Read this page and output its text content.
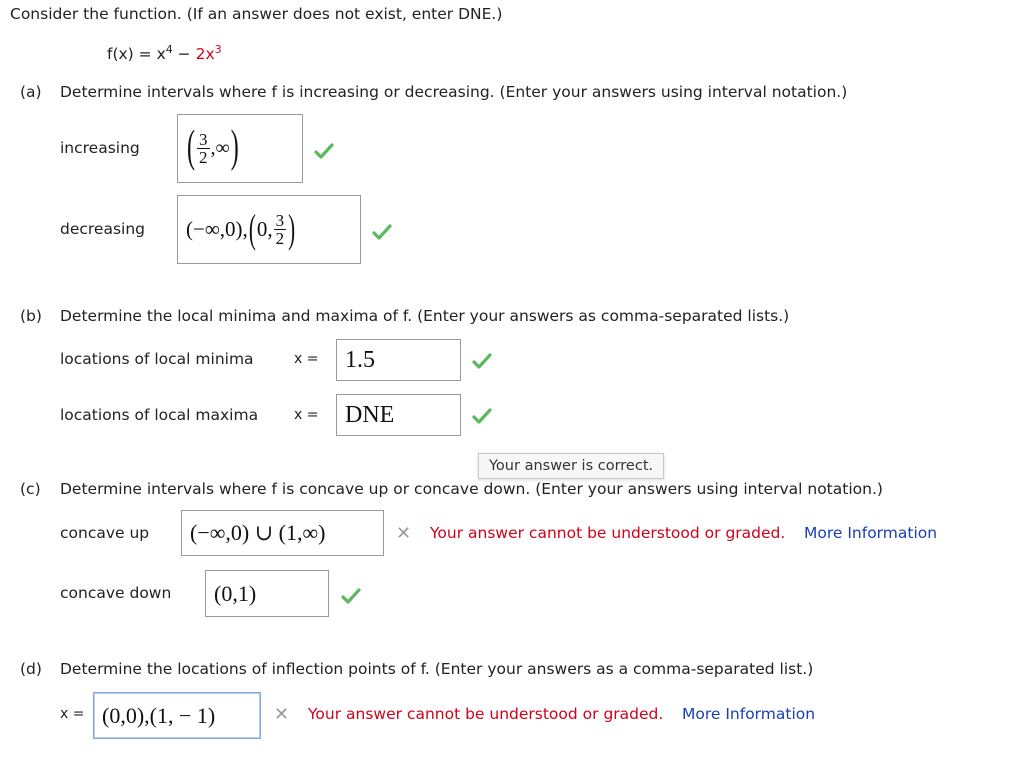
Consider the function. (If an answer does not exist, enter DNE.)
$f(x) = x^4 - 2x^3$
(a) Determine intervals where f is increasing or decreasing. (Enter your answers using interval notation.)
increasing ( $\frac{3}{2}$ ,∞ )
decreasing (−∞,0), ( 0, $\frac{3}{2}$ )
(b) Determine the local minima and maxima of f. (Enter your answers as comma-separated lists.)
locations of local minima	x =	1.5
locations of local maxima	x =	DNE
Your answer is correct.
(c) Determine intervals where f is concave up or concave down. (Enter your answers using interval notation.)
concave up	(−∞,0) ∪ (1,∞)	✕ Your answer cannot be understood or graded. More Information
concave down	(0,1)
(d) Determine the locations of inflection points of f. (Enter your answers as a comma-separated list.)
x = (0,0),(1, − 1)	✕ Your answer cannot be understood or graded. More Information
